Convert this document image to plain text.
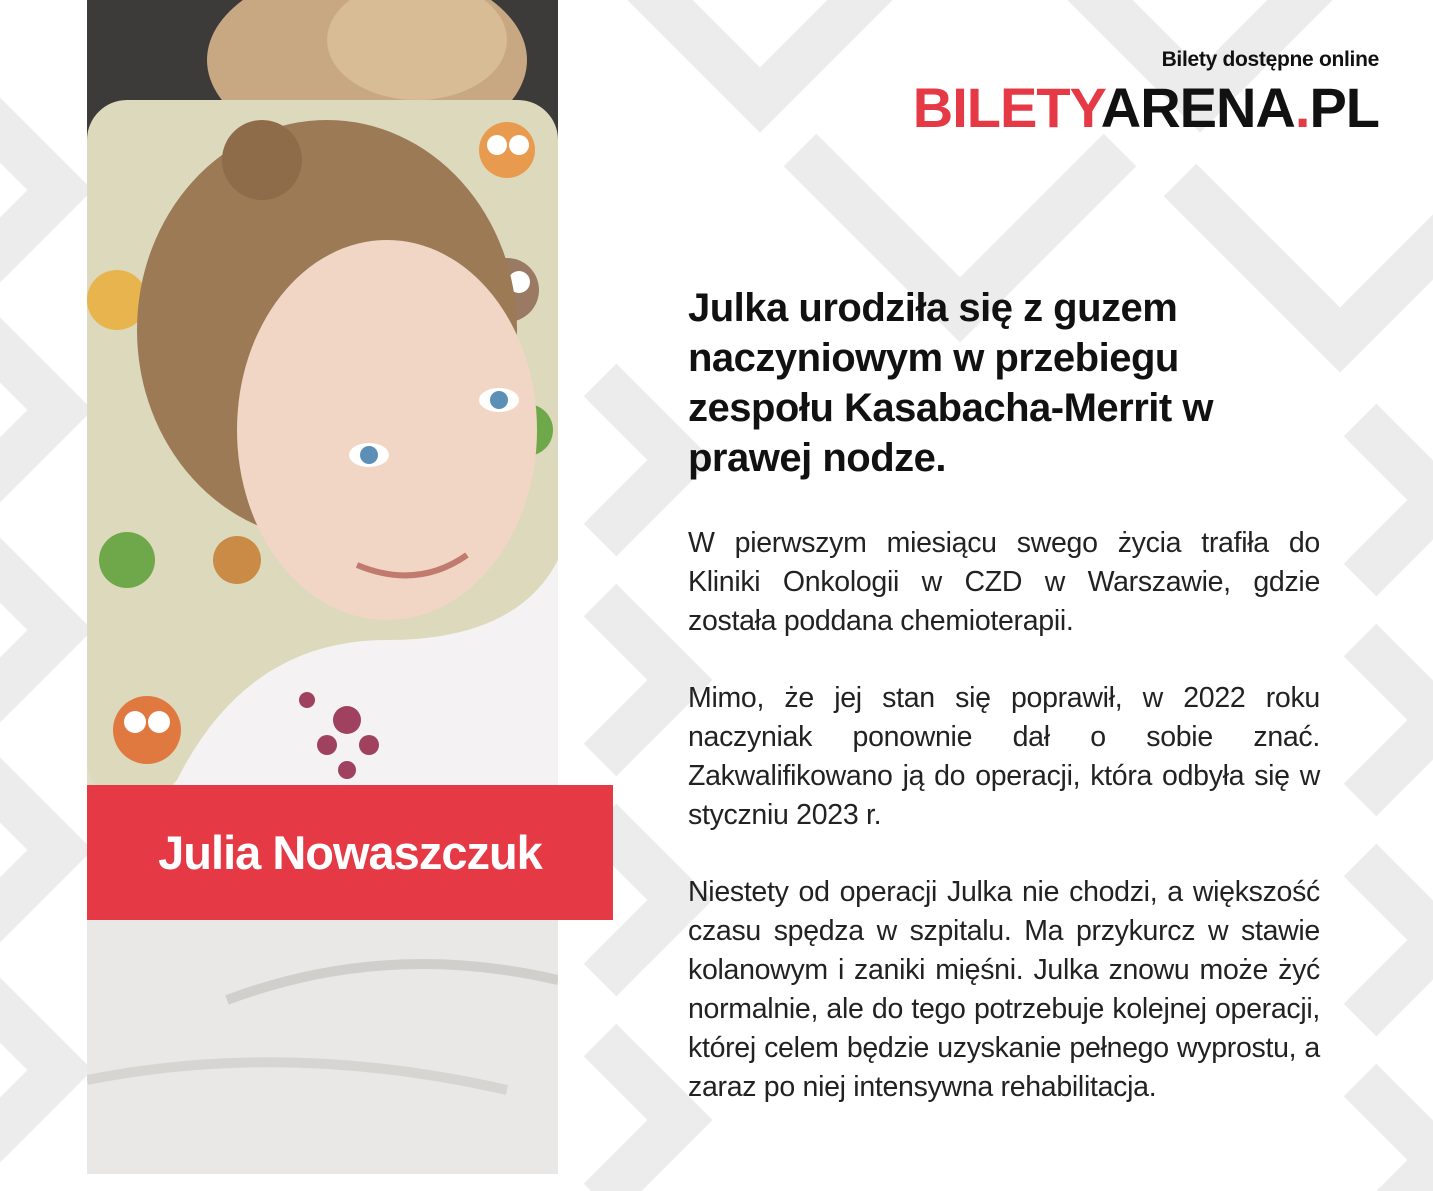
Julia Nowaszczuk
Bilety dostępne online
BILETYARENA.PL
Julka urodziła się z guzem naczyniowym w przebiegu zespołu Kasabacha-Merrit w prawej nodze.

W pierwszym miesiącu swego życia trafiła do Kliniki Onkologii w CZD w Warszawie, gdzie została poddana chemioterapii.

Mimo, że jej stan się poprawił, w 2022 roku naczyniak ponownie dał o sobie znać. Zakwalifikowano ją do operacji, która odbyła się w styczniu 2023 r.

Niestety od operacji Julka nie chodzi, a większość czasu spędza w szpitalu. Ma przykurcz w stawie kolanowym i zaniki mięśni. Julka znowu może żyć normalnie, ale do tego potrzebuje kolejnej operacji, której celem będzie uzyskanie pełnego wyprostu, a zaraz po niej intensywna rehabilitacja.
